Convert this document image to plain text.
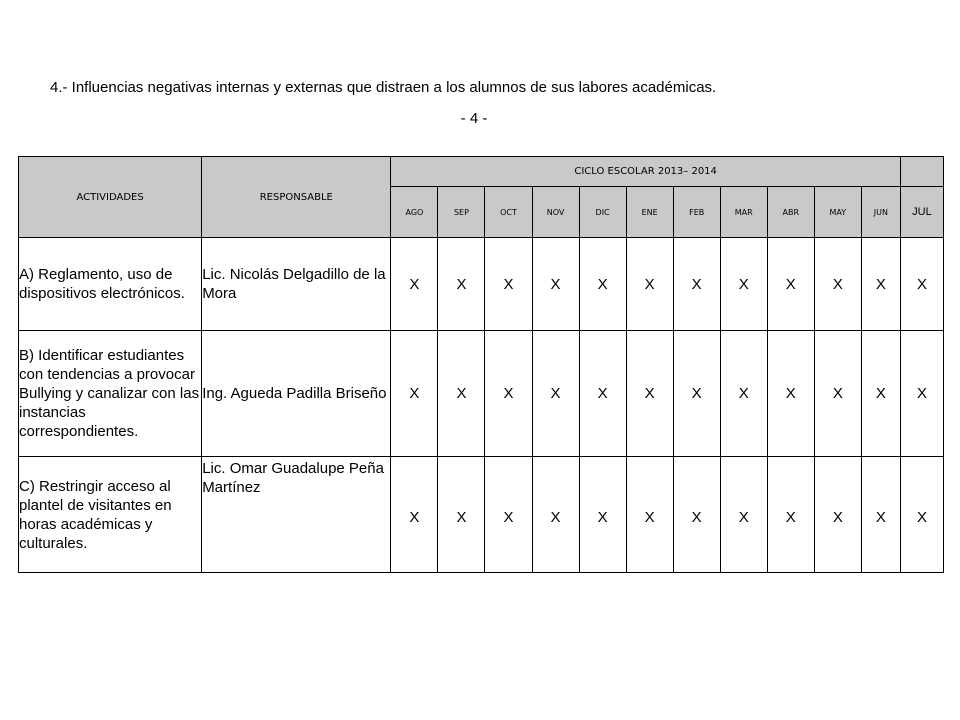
4.- Influencias negativas internas y externas que distraen a los alumnos de sus labores académicas.
- 4 -
ACTIVIDADES	RESPONSABLE	CICLO ESCOLAR 2013– 2014											
		AGO	SEP	OCT	NOV	DIC	ENE	FEB	MAR	ABR	MAY	JUN	JUL
A) Reglamento, uso de dispositivos electrónicos.	Lic. Nicolás Delgadillo de la Mora	X	X	X	X	X	X	X	X	X	X	X	X
B) Identificar estudiantes con tendencias a provocar Bullying y canalizar con las instancias correspondientes.	Ing. Agueda Padilla Briseño	X	X	X	X	X	X	X	X	X	X	X	X
C) Restringir acceso al plantel de visitantes en horas académicas y culturales.	Lic. Omar Guadalupe Peña Martínez	X	X	X	X	X	X	X	X	X	X	X	X
